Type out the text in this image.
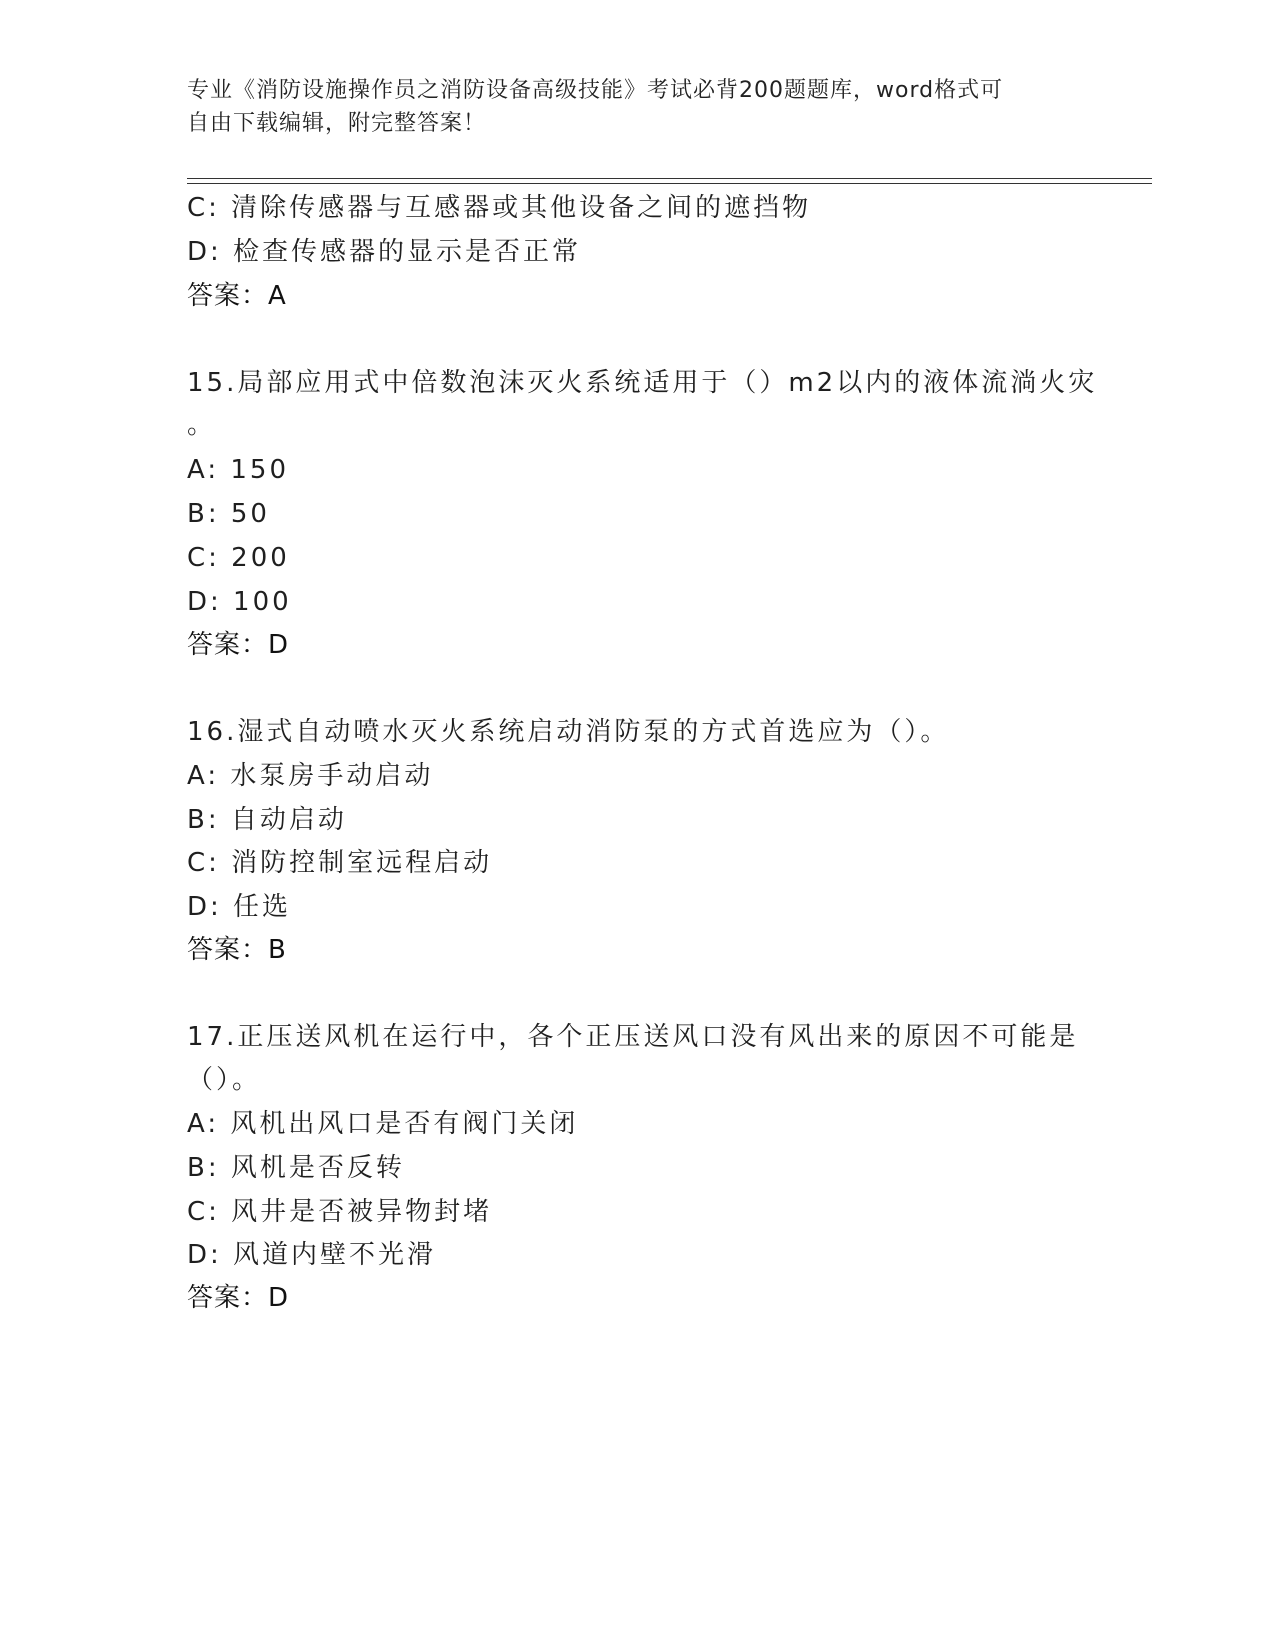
专业《消防设施操作员之消防设备高级技能》考试必背200题题库，word格式可
自由下载编辑，附完整答案！
C: 清除传感器与互感器或其他设备之间的遮挡物
D: 检查传感器的显示是否正常
答案：A
15.局部应用式中倍数泡沫灭火系统适用于（）m2以内的液体流淌火灾
。
A: 150
B: 50
C: 200
D: 100
答案：D
16.湿式自动喷水灭火系统启动消防泵的方式首选应为（）。
A: 水泵房手动启动
B: 自动启动
C: 消防控制室远程启动
D: 任选
答案：B
17.正压送风机在运行中，各个正压送风口没有风出来的原因不可能是
（）。
A: 风机出风口是否有阀门关闭
B: 风机是否反转
C: 风井是否被异物封堵
D: 风道内壁不光滑
答案：D
